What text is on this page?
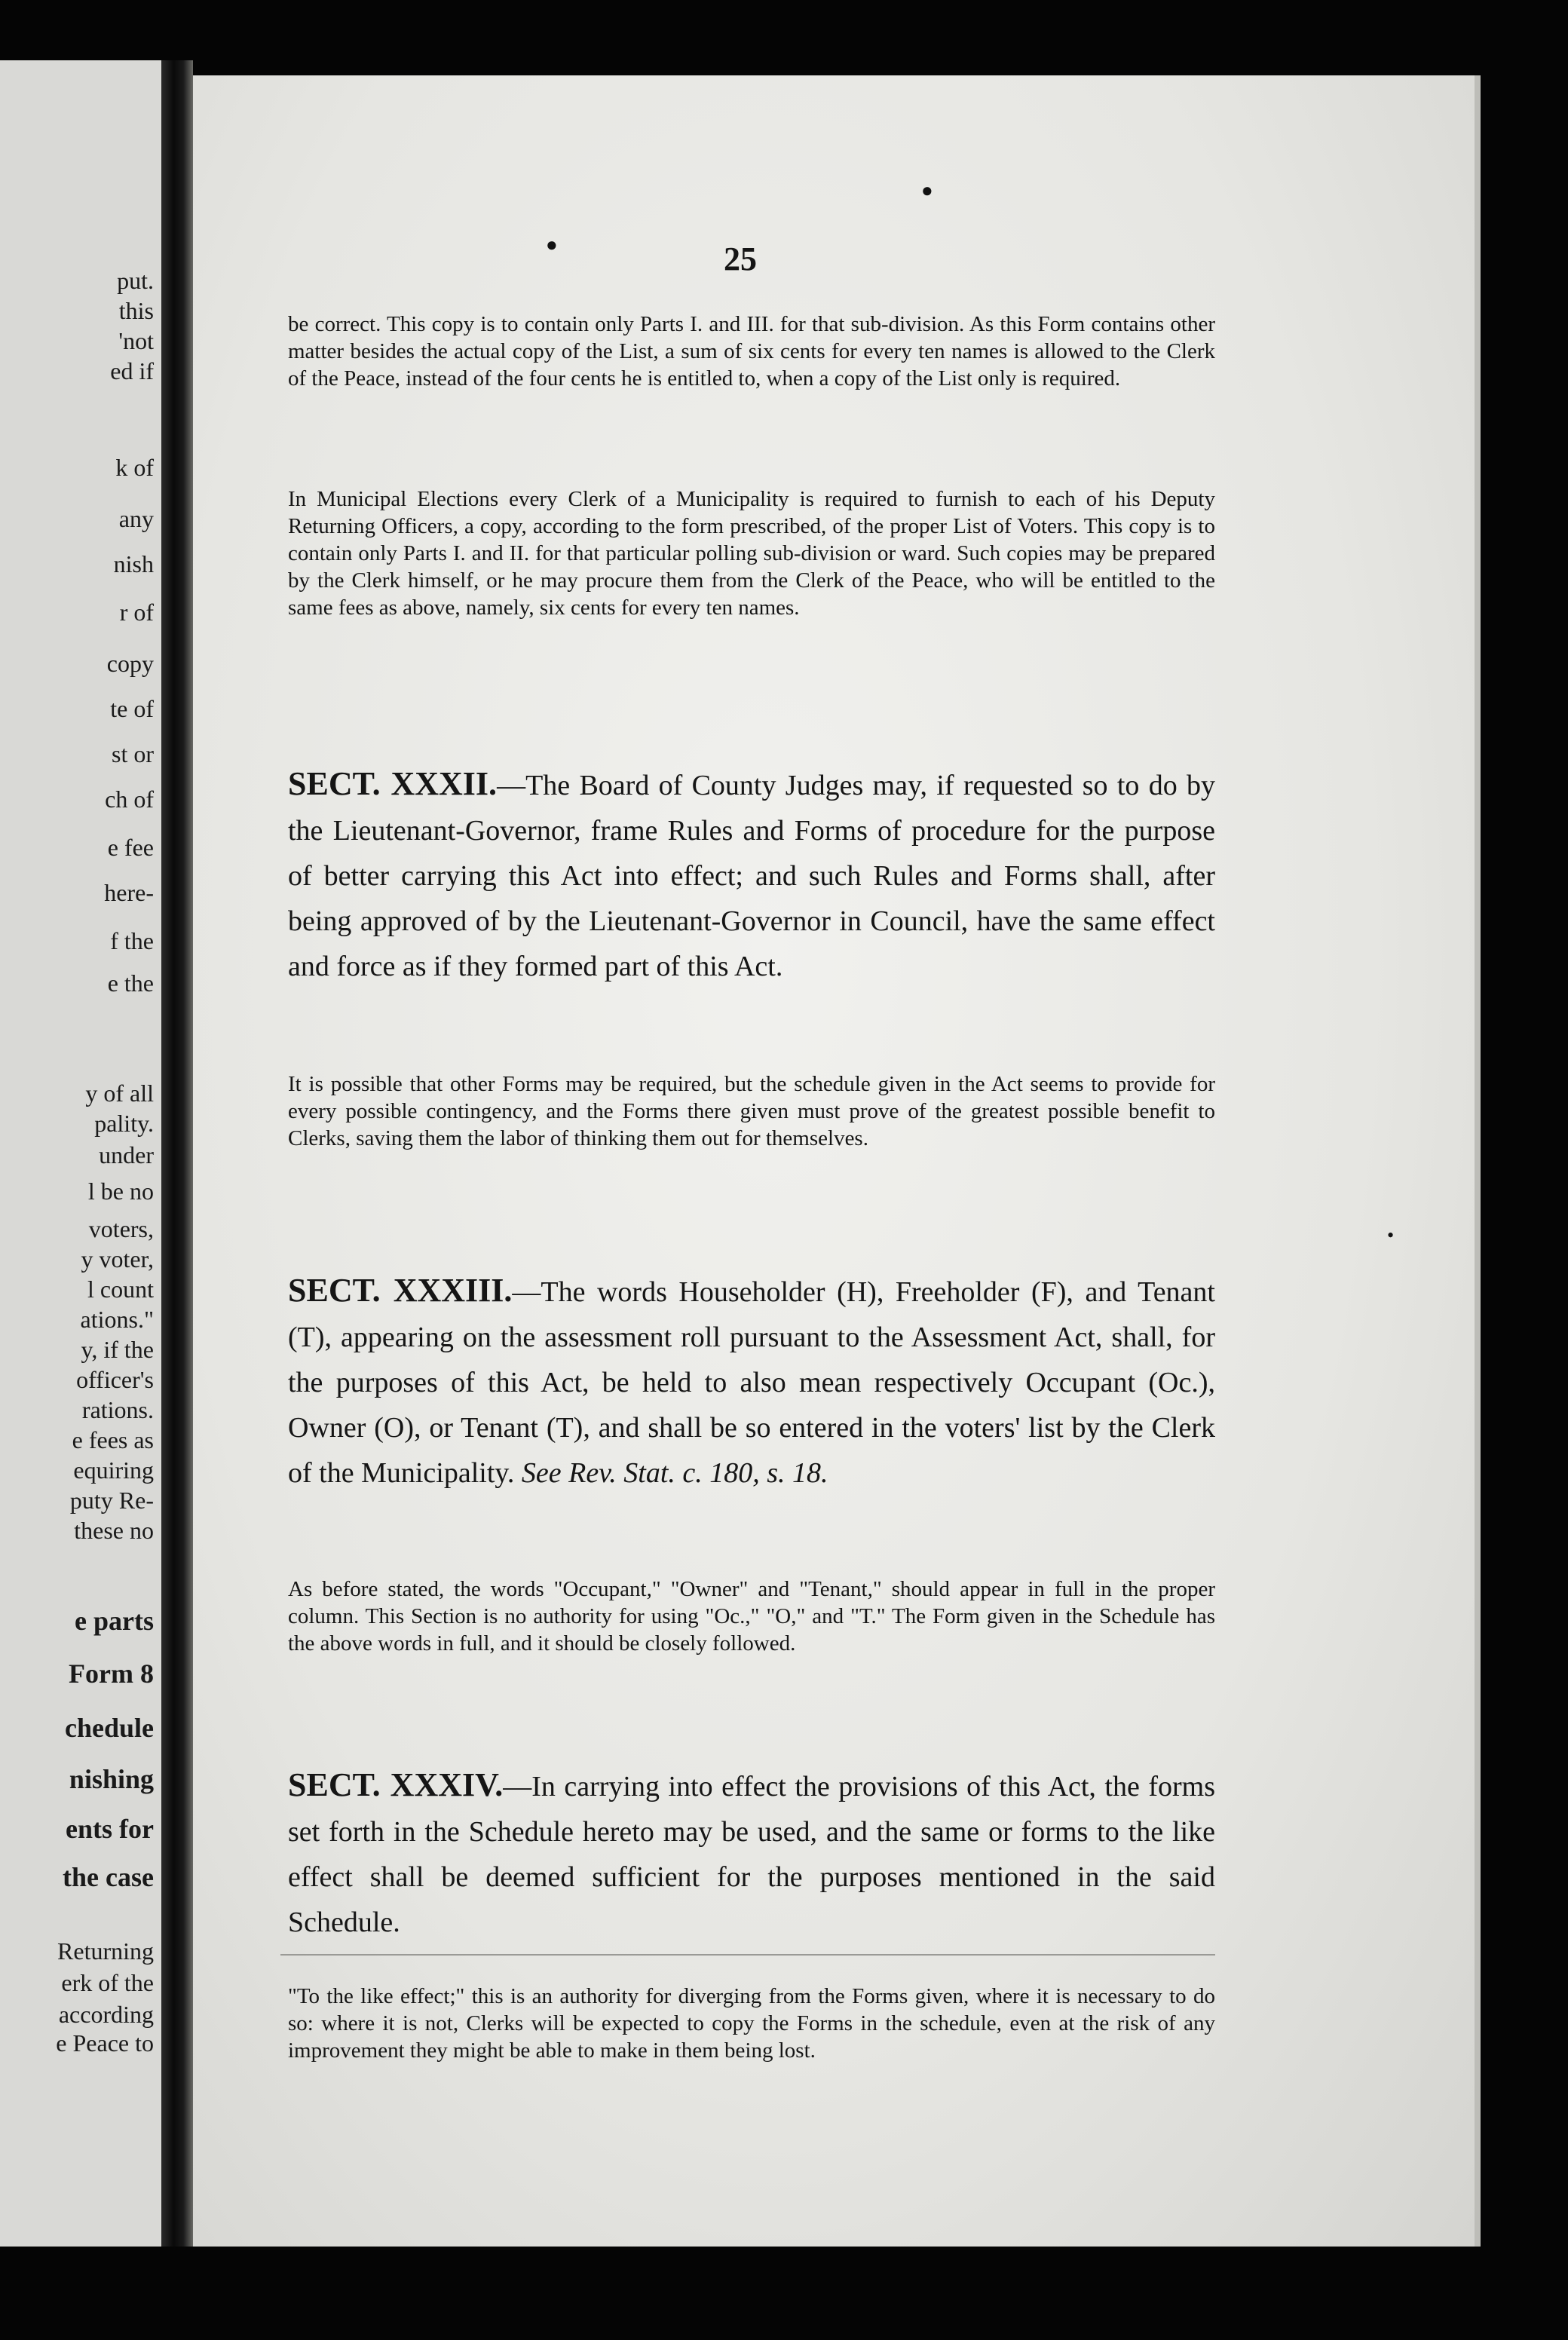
put.
this
'not
ed if
k of
any
nish
r of
copy
te of
st or
ch of
e fee
here-
f the
e the
y of all
pality.
under
l be no
voters,
y voter,
l count
ations."
y, if the
officer's
rations.
e fees as
equiring
puty Re-
these no
e parts
Form 8
chedule
nishing
ents for
the case
Returning
erk of the
according
e Peace to
25
be correct. This copy is to contain only Parts I. and III. for that sub-division. As this Form contains other matter besides the actual copy of the List, a sum of six cents for every ten names is allowed to the Clerk of the Peace, instead of the four cents he is entitled to, when a copy of the List only is required.
In Municipal Elections every Clerk of a Municipality is required to furnish to each of his Deputy Returning Officers, a copy, according to the form prescribed, of the proper List of Voters. This copy is to contain only Parts I. and II. for that particular polling sub-division or ward. Such copies may be prepared by the Clerk himself, or he may procure them from the Clerk of the Peace, who will be entitled to the same fees as above, namely, six cents for every ten names.
SECT. XXXII.—The Board of County Judges may, if requested so to do by the Lieutenant-Governor, frame Rules and Forms of procedure for the purpose of better carrying this Act into effect; and such Rules and Forms shall, after being approved of by the Lieutenant-Governor in Council, have the same effect and force as if they formed part of this Act.
It is possible that other Forms may be required, but the schedule given in the Act seems to provide for every possible contingency, and the Forms there given must prove of the greatest possible benefit to Clerks, saving them the labor of thinking them out for themselves.
SECT. XXXIII.—The words Householder (H), Freeholder (F), and Tenant (T), appearing on the assessment roll pursuant to the Assessment Act, shall, for the purposes of this Act, be held to also mean respectively Occupant (Oc.), Owner (O), or Tenant (T), and shall be so entered in the voters' list by the Clerk of the Municipality. See Rev. Stat. c. 180, s. 18.
As before stated, the words "Occupant," "Owner" and "Tenant," should appear in full in the proper column. This Section is no authority for using "Oc.," "O," and "T." The Form given in the Schedule has the above words in full, and it should be closely followed.
SECT. XXXIV.—In carrying into effect the provisions of this Act, the forms set forth in the Schedule hereto may be used, and the same or forms to the like effect shall be deemed sufficient for the purposes mentioned in the said Schedule.
"To the like effect;" this is an authority for diverging from the Forms given, where it is necessary to do so: where it is not, Clerks will be expected to copy the Forms in the schedule, even at the risk of any improvement they might be able to make in them being lost.
●
●
•
